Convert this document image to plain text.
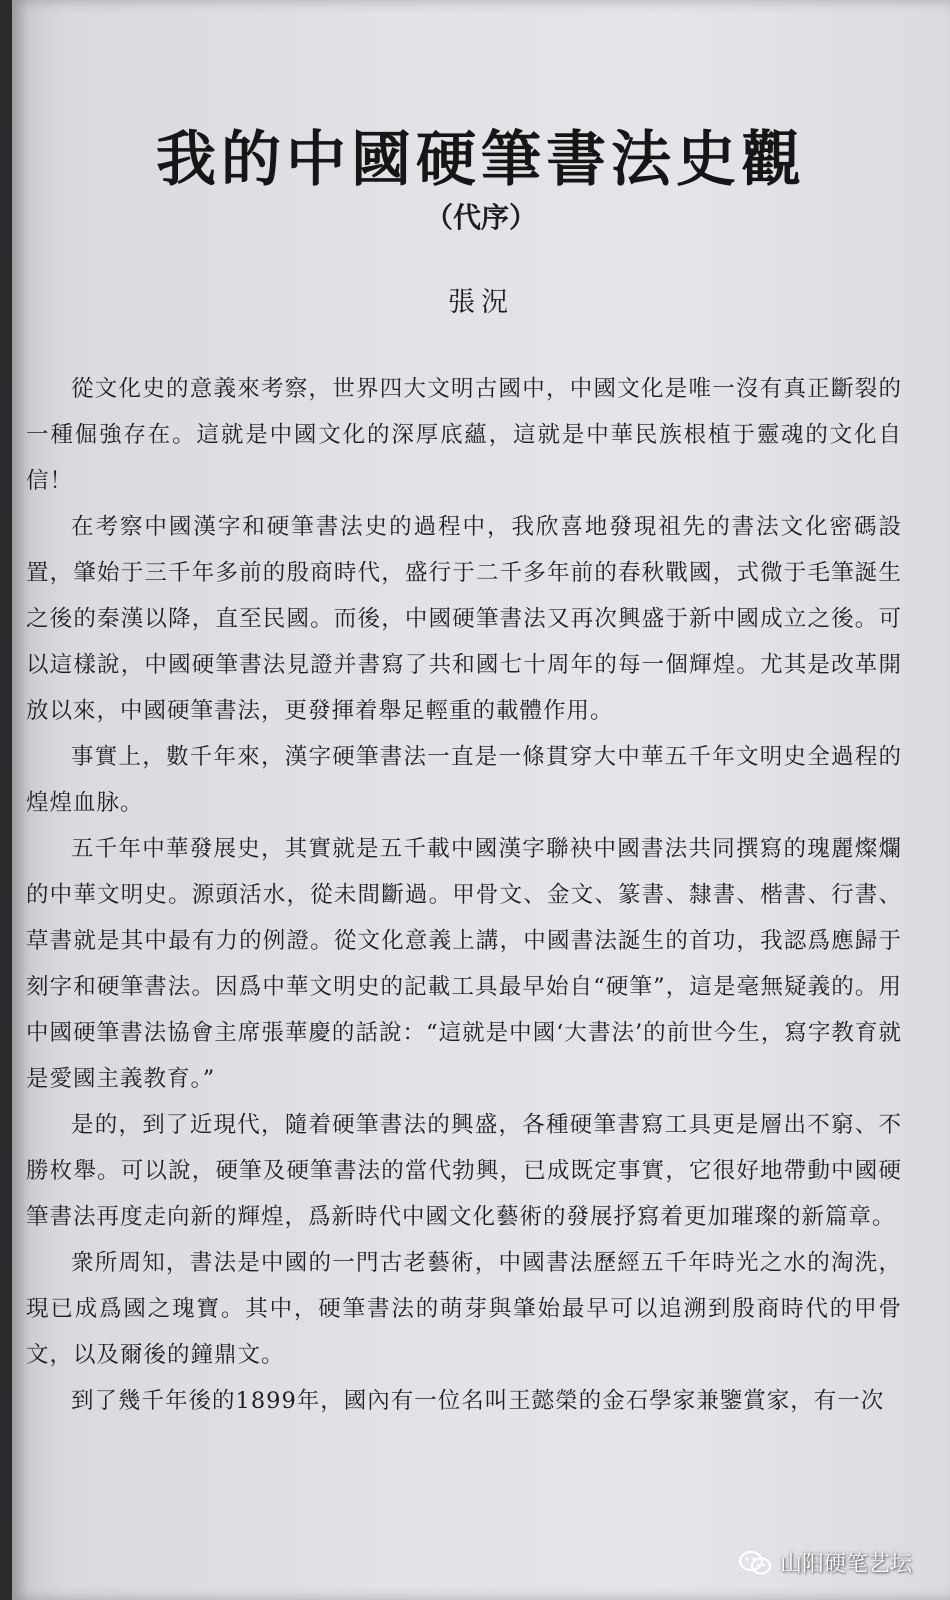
我的中國硬筆書法史觀
（代序）
張況

從文化史的意義來考察，世界四大文明古國中，中國文化是唯一沒有真正斷裂的一種倔強存在。這就是中國文化的深厚底蘊，這就是中華民族根植于靈魂的文化自信！

在考察中國漢字和硬筆書法史的過程中，我欣喜地發現祖先的書法文化密碼設置，肇始于三千年多前的殷商時代，盛行于二千多年前的春秋戰國，式微于毛筆誕生之後的秦漢以降，直至民國。而後，中國硬筆書法又再次興盛于新中國成立之後。可以這樣說，中國硬筆書法見證并書寫了共和國七十周年的每一個輝煌。尤其是改革開放以來，中國硬筆書法，更發揮着舉足輕重的載體作用。

事實上，數千年來，漢字硬筆書法一直是一條貫穿大中華五千年文明史全過程的煌煌血脉。

五千年中華發展史，其實就是五千載中國漢字聯袂中國書法共同撰寫的瑰麗燦爛的中華文明史。源頭活水，從未間斷過。甲骨文、金文、篆書、隸書、楷書、行書、草書就是其中最有力的例證。從文化意義上講，中國書法誕生的首功，我認爲應歸于刻字和硬筆書法。因爲中華文明史的記載工具最早始自“硬筆”，這是毫無疑義的。用中國硬筆書法協會主席張華慶的話說：“這就是中國‘大書法’的前世今生，寫字教育就是愛國主義教育。”

是的，到了近現代，隨着硬筆書法的興盛，各種硬筆書寫工具更是層出不窮、不勝枚舉。可以說，硬筆及硬筆書法的當代勃興，已成既定事實，它很好地帶動中國硬筆書法再度走向新的輝煌，爲新時代中國文化藝術的發展抒寫着更加璀璨的新篇章。

衆所周知，書法是中國的一門古老藝術，中國書法歷經五千年時光之水的淘洗，現已成爲國之瑰寶。其中，硬筆書法的萌芽與肇始最早可以追溯到殷商時代的甲骨文，以及爾後的鐘鼎文。

到了幾千年後的1899年，國內有一位名叫王懿榮的金石學家兼鑒賞家，有一次

山阳硬笔艺坛
